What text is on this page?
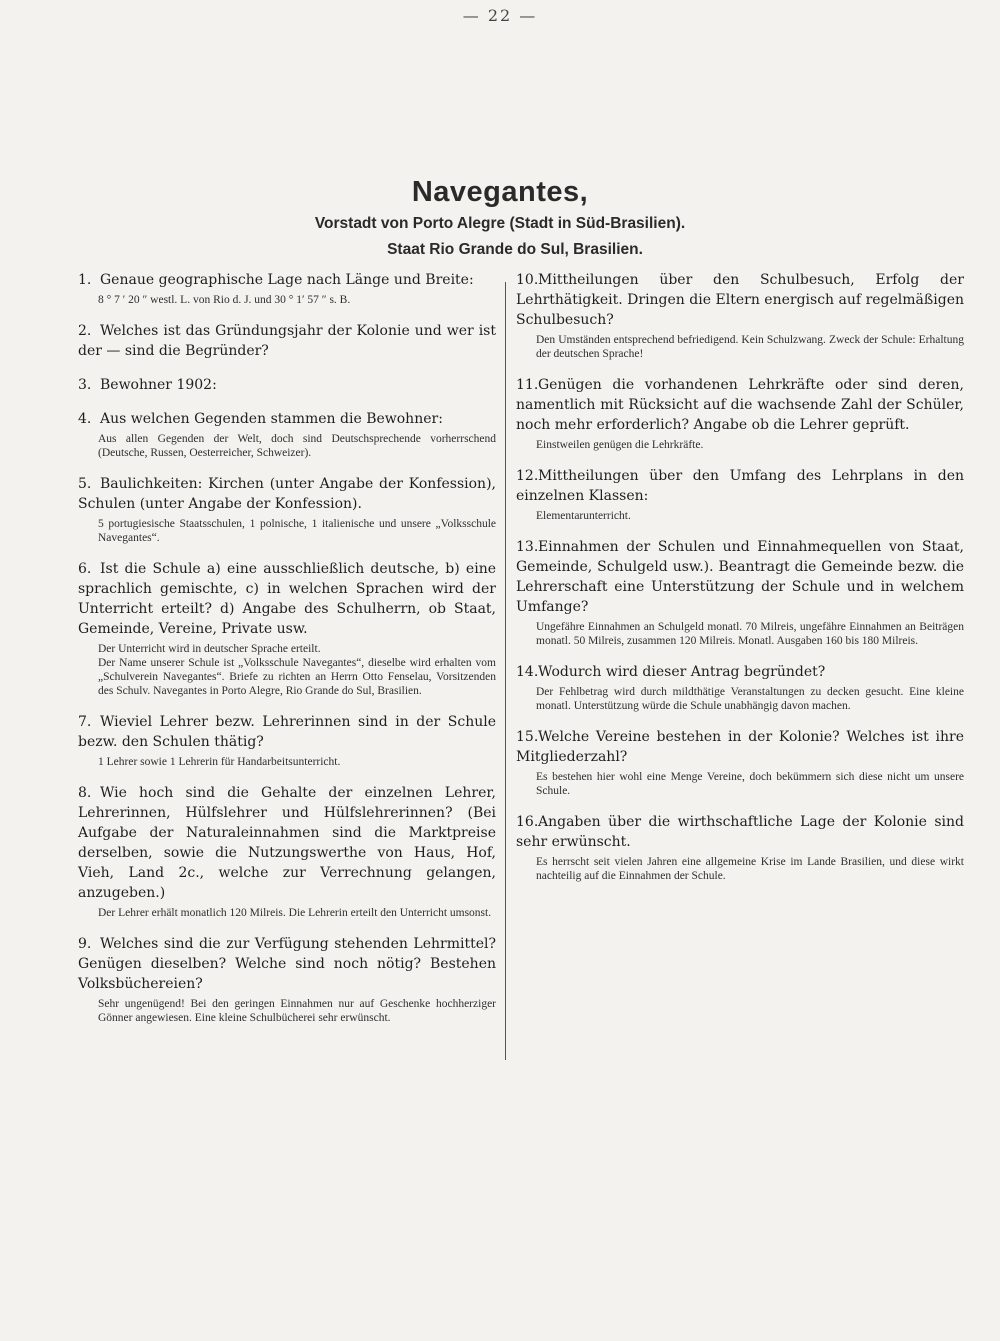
— 22 —
Navegantes,
Vorstadt von Porto Alegre (Stadt in Süd-Brasilien).
Staat Rio Grande do Sul, Brasilien.
1. Genaue geographische Lage nach Länge und Breite:

8 ° 7 ′ 20 ″ westl. L. von Rio d. J. und 30 ° 1′ 57 ″ s. B.

2. Welches ist das Gründungsjahr der Kolonie und wer ist der — sind die Begründer?
3. Bewohner 1902:
4. Aus welchen Gegenden stammen die Bewohner:

Aus allen Gegenden der Welt, doch sind Deutschsprechende vorherrschend (Deutsche, Russen, Oesterreicher, Schweizer).

5. Baulichkeiten: Kirchen (unter Angabe der Konfession), Schulen (unter Angabe der Konfession).

5 portugiesische Staatsschulen, 1 polnische, 1 italienische und unsere „Volksschule Navegantes“.

6. Ist die Schule a) eine ausschließlich deutsche, b) eine sprachlich gemischte, c) in welchen Sprachen wird der Unterricht erteilt? d) Angabe des Schulherrn, ob Staat, Gemeinde, Vereine, Private usw.

Der Unterricht wird in deutscher Sprache erteilt.

Der Name unserer Schule ist „Volksschule Navegantes“, dieselbe wird erhalten vom „Schulverein Navegantes“. Briefe zu richten an Herrn Otto Fenselau, Vorsitzenden des Schulv. Navegantes in Porto Alegre, Rio Grande do Sul, Brasilien.

7. Wieviel Lehrer bezw. Lehrerinnen sind in der Schule bezw. den Schulen thätig?

1 Lehrer sowie 1 Lehrerin für Handarbeitsunterricht.

8. Wie hoch sind die Gehalte der einzelnen Lehrer, Lehrerinnen, Hülfslehrer und Hülfslehrerinnen? (Bei Aufgabe der Naturaleinnahmen sind die Marktpreise derselben, sowie die Nutzungswerthe von Haus, Hof, Vieh, Land 2c., welche zur Verrechnung gelangen, anzugeben.)

Der Lehrer erhält monatlich 120 Milreis. Die Lehrerin erteilt den Unterricht umsonst.

9. Welches sind die zur Verfügung stehenden Lehrmittel? Genügen dieselben? Welche sind noch nötig? Bestehen Volksbüchereien?

Sehr ungenügend! Bei den geringen Einnahmen nur auf Geschenke hochherziger Gönner angewiesen. Eine kleine Schulbücherei sehr erwünscht.

10.Mittheilungen über den Schulbesuch, Erfolg der Lehrthätigkeit. Dringen die Eltern energisch auf regelmäßigen Schulbesuch?

Den Umständen entsprechend befriedigend. Kein Schulzwang. Zweck der Schule: Erhaltung der deutschen Sprache!

11.Genügen die vorhandenen Lehrkräfte oder sind deren, namentlich mit Rücksicht auf die wachsende Zahl der Schüler, noch mehr erforderlich? Angabe ob die Lehrer geprüft.

Einstweilen genügen die Lehrkräfte.

12.Mittheilungen über den Umfang des Lehrplans in den einzelnen Klassen:

Elementarunterricht.

13.Einnahmen der Schulen und Einnahmequellen von Staat, Gemeinde, Schulgeld usw.). Beantragt die Gemeinde bezw. die Lehrerschaft eine Unterstützung der Schule und in welchem Umfange?

Ungefähre Einnahmen an Schulgeld monatl. 70 Milreis, ungefähre Einnahmen an Beiträgen monatl. 50 Milreis, zusammen 120 Milreis. Monatl. Ausgaben 160 bis 180 Milreis.

14.Wodurch wird dieser Antrag begründet?

Der Fehlbetrag wird durch mildthätige Veranstaltungen zu decken gesucht. Eine kleine monatl. Unterstützung würde die Schule unabhängig davon machen.

15.Welche Vereine bestehen in der Kolonie? Welches ist ihre Mitgliederzahl?

Es bestehen hier wohl eine Menge Vereine, doch bekümmern sich diese nicht um unsere Schule.

16.Angaben über die wirthschaftliche Lage der Kolonie sind sehr erwünscht.

Es herrscht seit vielen Jahren eine allgemeine Krise im Lande Brasilien, und diese wirkt nachteilig auf die Einnahmen der Schule.
